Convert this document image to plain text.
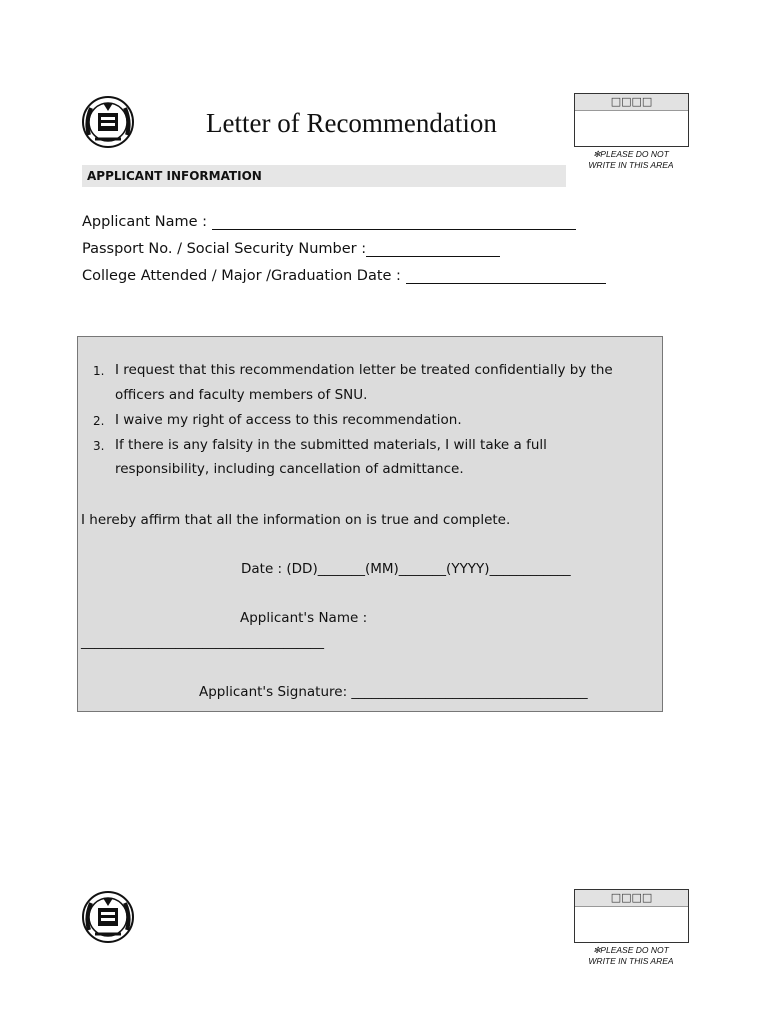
Letter of Recommendation
□□□□
✻PLEASE DO NOT
WRITE IN THIS AREA
APPLICANT INFORMATION
Applicant Name :
Passport No. / Social Security Number :
College Attended / Major /Graduation Date :
1. I request that this recommendation letter be treated confidentially by the
officers and faculty members of SNU.
2. I waive my right of access to this recommendation.
3. If there is any falsity in the submitted materials, I will take a full
responsibility, including cancellation of admittance.
I hereby affirm that all the information on is true and complete.
Date : (DD)_______(MM)_______(YYYY)____________
Applicant's Name :
____________________________________
Applicant's Signature: ___________________________________
□□□□
✻PLEASE DO NOT
WRITE IN THIS AREA
